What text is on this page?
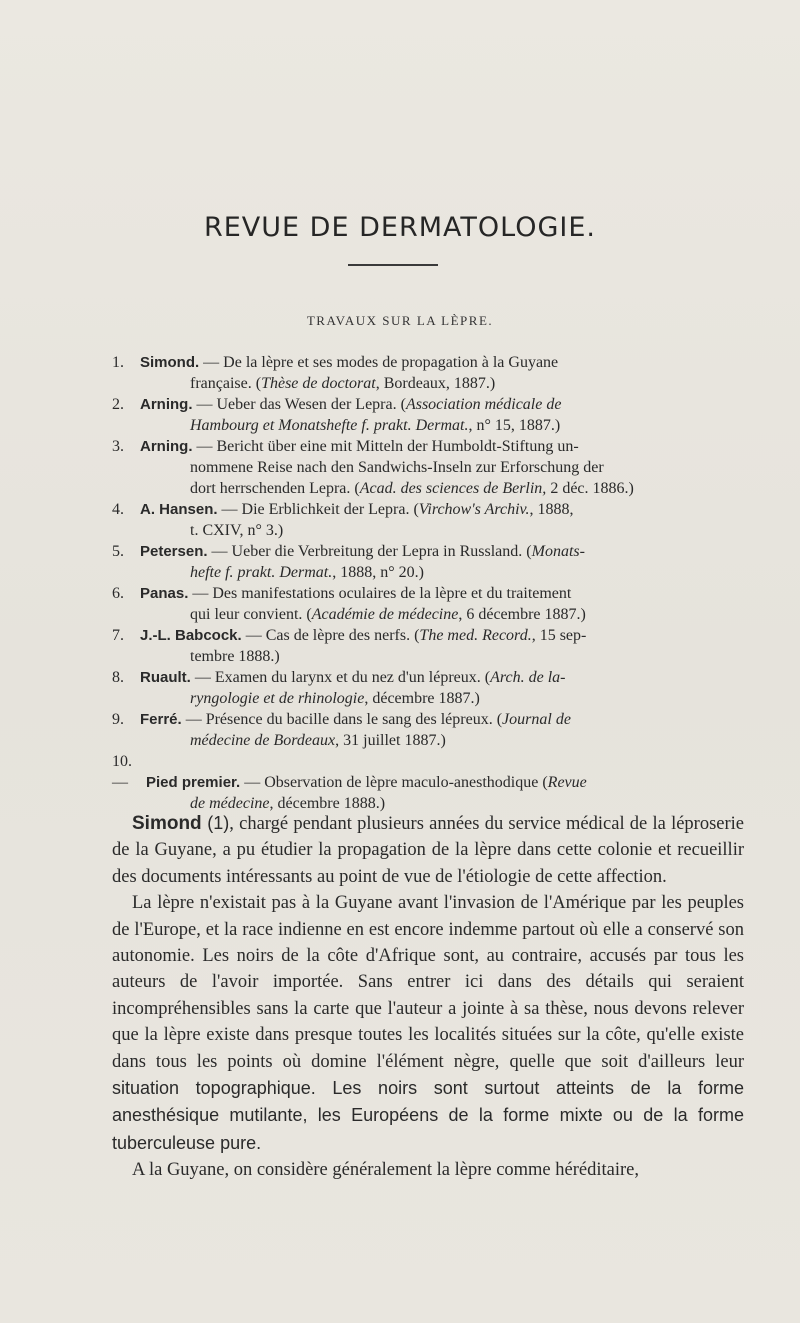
REVUE DE DERMATOLOGIE.
TRAVAUX SUR LA LÈPRE.
1. Simond. — De la lèpre et ses modes de propagation à la Guyane
française. (Thèse de doctorat, Bordeaux, 1887.)
2. Arning. — Ueber das Wesen der Lepra. (Association médicale de
Hambourg et Monatshefte f. prakt. Dermat., n° 15, 1887.)
3. Arning. — Bericht über eine mit Mitteln der Humboldt-Stiftung un-
nommene Reise nach den Sandwichs-Inseln zur Erforschung der
dort herrschenden Lepra. (Acad. des sciences de Berlin, 2 déc. 1886.)
4. A. Hansen. — Die Erblichkeit der Lepra. (Virchow's Archiv., 1888,
t. CXIV, n° 3.)
5. Petersen. — Ueber die Verbreitung der Lepra in Russland. (Monats-
hefte f. prakt. Dermat., 1888, n° 20.)
6. Panas. — Des manifestations oculaires de la lèpre et du traitement
qui leur convient. (Académie de médecine, 6 décembre 1887.)
7. J.-L. Babcock. — Cas de lèpre des nerfs. (The med. Record., 15 sep-
tembre 1888.)
8. Ruault. — Examen du larynx et du nez d'un lépreux. (Arch. de la-
ryngologie et de rhinologie, décembre 1887.)
9. Ferré. — Présence du bacille dans le sang des lépreux. (Journal de
médecine de Bordeaux, 31 juillet 1887.)
10.— Pied premier. — Observation de lèpre maculo-anesthodique (Revue
de médecine, décembre 1888.)

Simond (1), chargé pendant plusieurs années du service médical de la léproserie de la Guyane, a pu étudier la propagation de la lèpre dans cette colonie et recueillir des documents intéressants au point de vue de l'étiologie de cette affection.

La lèpre n'existait pas à la Guyane avant l'invasion de l'Amérique par les peuples de l'Europe, et la race indienne en est encore indemme partout où elle a conservé son autonomie. Les noirs de la côte d'Afrique sont, au contraire, accusés par tous les auteurs de l'avoir importée. Sans entrer ici dans des détails qui seraient incompréhensibles sans la carte que l'auteur a jointe à sa thèse, nous devons relever que la lèpre existe dans presque toutes les localités situées sur la côte, qu'elle existe dans tous les points où domine l'élément nègre, quelle que soit d'ailleurs leur situation topographique. Les noirs sont surtout atteints de la forme anesthésique mutilante, les Européens de la forme mixte ou de la forme tuberculeuse pure.

A la Guyane, on considère généralement la lèpre comme héréditaire,
